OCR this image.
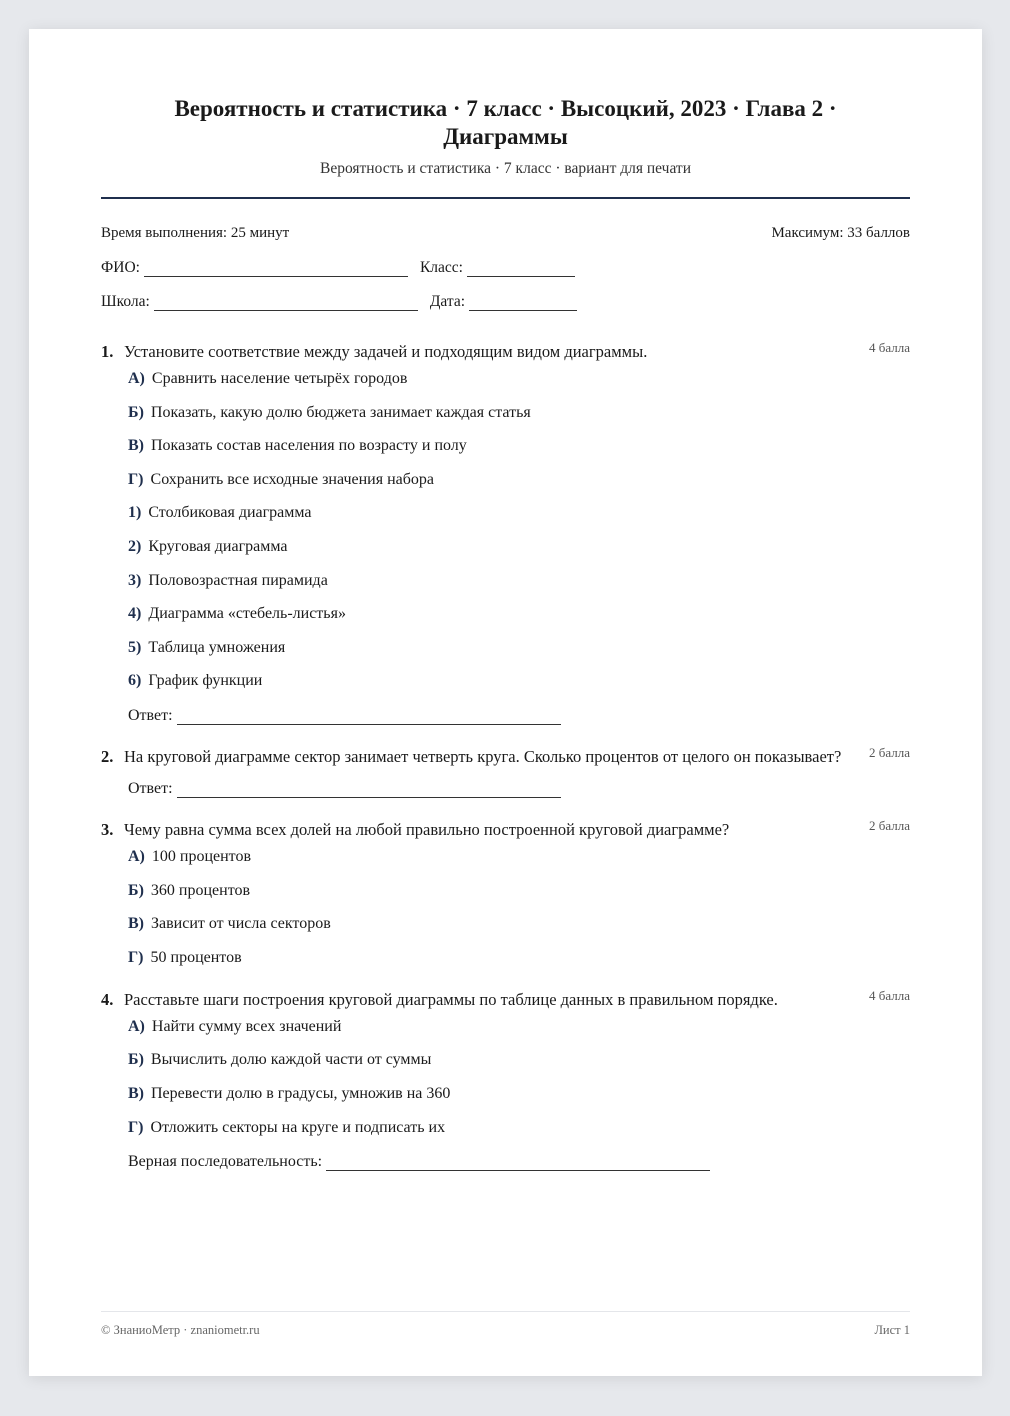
Вероятность и статистика · 7 класс · Высоцкий, 2023 · Глава 2 · Диаграммы
Вероятность и статистика · 7 класс · вариант для печати
Время выполнения: 25 минут	Максимум: 33 баллов
ФИО:	Класс:
Школа:	Дата:
1. Установите соответствие между задачей и подходящим видом диаграммы.	4 балла
А) Сравнить население четырёх городов
Б) Показать, какую долю бюджета занимает каждая статья
В) Показать состав населения по возрасту и полу
Г) Сохранить все исходные значения набора
1) Столбиковая диаграмма
2) Круговая диаграмма
3) Половозрастная пирамида
4) Диаграмма «стебель-листья»
5) Таблица умножения
6) График функции
Ответ:
2. На круговой диаграмме сектор занимает четверть круга. Сколько процентов от целого он показывает?	2 балла
Ответ:
3. Чему равна сумма всех долей на любой правильно построенной круговой диаграмме?	2 балла
А) 100 процентов
Б) 360 процентов
В) Зависит от числа секторов
Г) 50 процентов
4. Расставьте шаги построения круговой диаграммы по таблице данных в правильном порядке.	4 балла
А) Найти сумму всех значений
Б) Вычислить долю каждой части от суммы
В) Перевести долю в градусы, умножив на 360
Г) Отложить секторы на круге и подписать их
Верная последовательность:
© ЗнаниоМетр · znaniometr.ru	Лист 1
